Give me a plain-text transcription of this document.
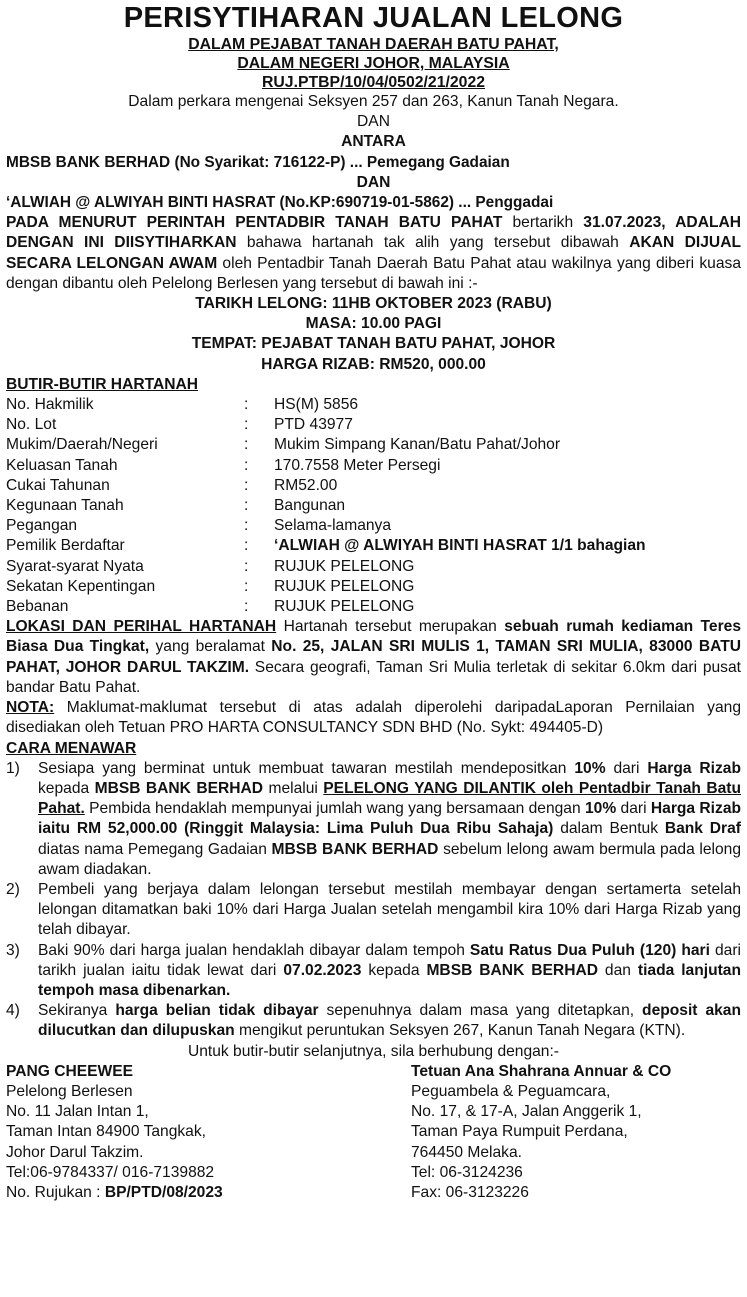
PERISYTIHARAN JUALAN LELONG
DALAM PEJABAT TANAH DAERAH BATU PAHAT,
DALAM NEGERI JOHOR, MALAYSIA
RUJ.PTBP/10/04/0502/21/2022
Dalam perkara mengenai Seksyen 257 dan 263, Kanun Tanah Negara.
DAN
ANTARA
MBSB BANK BERHAD (No Syarikat: 716122-P) ... Pemegang Gadaian
DAN
‘ALWIAH @ ALWIYAH BINTI HASRAT (No.KP:690719-01-5862) ... Penggadai
PADA MENURUT PERINTAH PENTADBIR TANAH BATU PAHAT bertarikh 31.07.2023, ADALAH DENGAN INI DIISYTIHARKAN bahawa hartanah tak alih yang tersebut dibawah AKAN DIJUAL SECARA LELONGAN AWAM oleh Pentadbir Tanah Daerah Batu Pahat atau wakilnya yang diberi kuasa dengan dibantu oleh Pelelong Berlesen yang tersebut di bawah ini :-
TARIKH LELONG: 11HB OKTOBER 2023 (RABU)
MASA: 10.00 PAGI
TEMPAT: PEJABAT TANAH BATU PAHAT, JOHOR
HARGA RIZAB: RM520, 000.00
BUTIR-BUTIR HARTANAH
No. Hakmilik	:	HS(M) 5856
No. Lot	:	PTD 43977
Mukim/Daerah/Negeri	:	Mukim Simpang Kanan/Batu Pahat/Johor
Keluasan Tanah	:	170.7558 Meter Persegi
Cukai Tahunan	:	RM52.00
Kegunaan Tanah	:	Bangunan
Pegangan	:	Selama-lamanya
Pemilik Berdaftar	:	‘ALWIAH @ ALWIYAH BINTI HASRAT 1/1 bahagian
Syarat-syarat Nyata	:	RUJUK PELELONG
Sekatan Kepentingan	:	RUJUK PELELONG
Bebanan	:	RUJUK PELELONG
LOKASI DAN PERIHAL HARTANAH Hartanah tersebut merupakan sebuah rumah kediaman Teres Biasa Dua Tingkat, yang beralamat No. 25, JALAN SRI MULIS 1, TAMAN SRI MULIA, 83000 BATU PAHAT, JOHOR DARUL TAKZIM. Secara geografi, Taman Sri Mulia terletak di sekitar 6.0km dari pusat bandar Batu Pahat.
NOTA: Maklumat-maklumat tersebut di atas adalah diperolehi daripadaLaporan Pernilaian yang disediakan oleh Tetuan PRO HARTA CONSULTANCY SDN BHD (No. Sykt: 494405-D)
CARA MENAWAR
1)	Sesiapa yang berminat untuk membuat tawaran mestilah mendepositkan 10% dari Harga Rizab kepada MBSB BANK BERHAD melalui PELELONG YANG DILANTIK oleh Pentadbir Tanah Batu Pahat. Pembida hendaklah mempunyai jumlah wang yang bersamaan dengan 10% dari Harga Rizab iaitu RM 52,000.00 (Ringgit Malaysia: Lima Puluh Dua Ribu Sahaja) dalam Bentuk Bank Draf diatas nama Pemegang Gadaian MBSB BANK BERHAD sebelum lelong awam bermula pada lelong awam diadakan.
2)	Pembeli yang berjaya dalam lelongan tersebut mestilah membayar dengan sertamerta setelah lelongan ditamatkan baki 10% dari Harga Jualan setelah mengambil kira 10% dari Harga Rizab yang telah dibayar.
3)	Baki 90% dari harga jualan hendaklah dibayar dalam tempoh Satu Ratus Dua Puluh (120) hari dari tarikh jualan iaitu tidak lewat dari 07.02.2023 kepada MBSB BANK BERHAD dan tiada lanjutan tempoh masa dibenarkan.
4)	Sekiranya harga belian tidak dibayar sepenuhnya dalam masa yang ditetapkan, deposit akan dilucutkan dan dilupuskan mengikut peruntukan Seksyen 267, Kanun Tanah Negara (KTN).
Untuk butir-butir selanjutnya, sila berhubung dengan:-
PANG CHEEWEE
Pelelong Berlesen
No. 11 Jalan Intan 1,
Taman Intan 84900 Tangkak,
Johor Darul Takzim.
Tel:06-9784337/ 016-7139882
No. Rujukan : BP/PTD/08/2023
Tetuan Ana Shahrana Annuar & CO
Peguambela & Peguamcara,
No. 17, & 17-A, Jalan Anggerik 1,
Taman Paya Rumpuit Perdana,
764450 Melaka.
Tel: 06-3124236
Fax: 06-3123226
